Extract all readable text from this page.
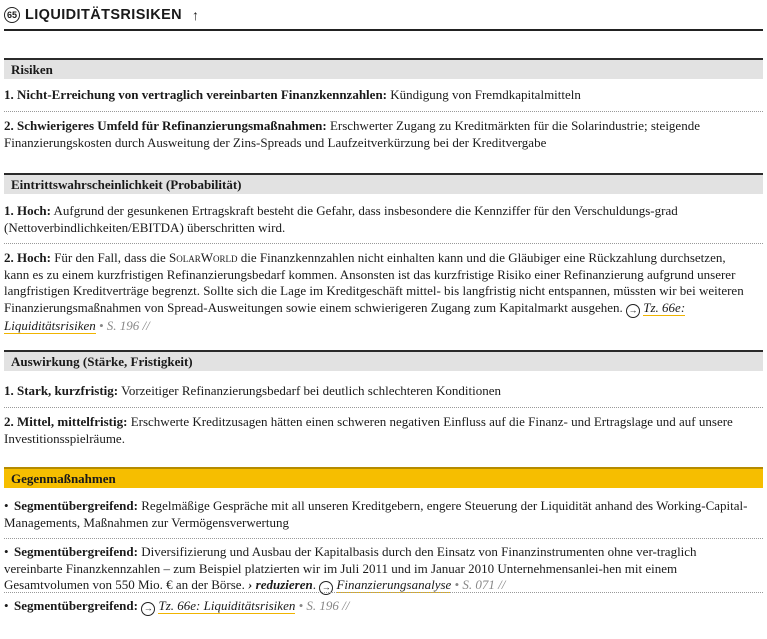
65 LIQUIDITÄTSRISIKEN ↑
Risiken
1. Nicht-Erreichung von vertraglich vereinbarten Finanzkennzahlen: Kündigung von Fremdkapitalmitteln
2. Schwierigeres Umfeld für Refinanzierungsmaßnahmen: Erschwerter Zugang zu Kreditmärkten für die Solarindustrie; steigende Finanzierungskosten durch Ausweitung der Zins-Spreads und Laufzeitverkürzung bei der Kreditvergabe
Eintrittswahrscheinlichkeit (Probabilität)
1. Hoch: Aufgrund der gesunkenen Ertragskraft besteht die Gefahr, dass insbesondere die Kennziffer für den Verschuldungs-grad (Nettoverbindlichkeiten/EBITDA) überschritten wird.
2. Hoch: Für den Fall, dass die SolarWorld die Finanzkennzahlen nicht einhalten kann und die Gläubiger eine Rückzahlung durchsetzen, kann es zu einem kurzfristigen Refinanzierungsbedarf kommen. Ansonsten ist das kurzfristige Risiko einer Refinanzierung aufgrund unserer langfristigen Kreditverträge begrenzt. Sollte sich die Lage im Kreditgeschäft mittel- bis langfristig nicht entspannen, müssten wir bei weiteren Finanzierungsmaßnahmen von Spread-Ausweitungen sowie einem schwierigeren Zugang zum Kapitalmarkt ausgehen. → Tz. 66e: Liquiditätsrisiken • S. 196 //
Auswirkung (Stärke, Fristigkeit)
1. Stark, kurzfristig: Vorzeitiger Refinanzierungsbedarf bei deutlich schlechteren Konditionen
2. Mittel, mittelfristig: Erschwerte Kreditzusagen hätten einen schweren negativen Einfluss auf die Finanz- und Ertragslage und auf unsere Investitionsspielräume.
Gegenmaßnahmen
• Segmentübergreifend: Regelmäßige Gespräche mit all unseren Kreditgebern, engere Steuerung der Liquidität anhand des Working-Capital-Managements, Maßnahmen zur Vermögensverwertung
• Segmentübergreifend: Diversifizierung und Ausbau der Kapitalbasis durch den Einsatz von Finanzinstrumenten ohne ver-traglich vereinbarte Finanzkennzahlen – zum Beispiel platzierten wir im Juli 2011 und im Januar 2010 Unternehmensanlei-hen mit einem Gesamtvolumen von 550 Mio. € an der Börse. › reduzieren. → Finanzierungsanalyse • S. 071 //
• Segmentübergreifend: → Tz. 66e: Liquiditätsrisiken • S. 196 //
